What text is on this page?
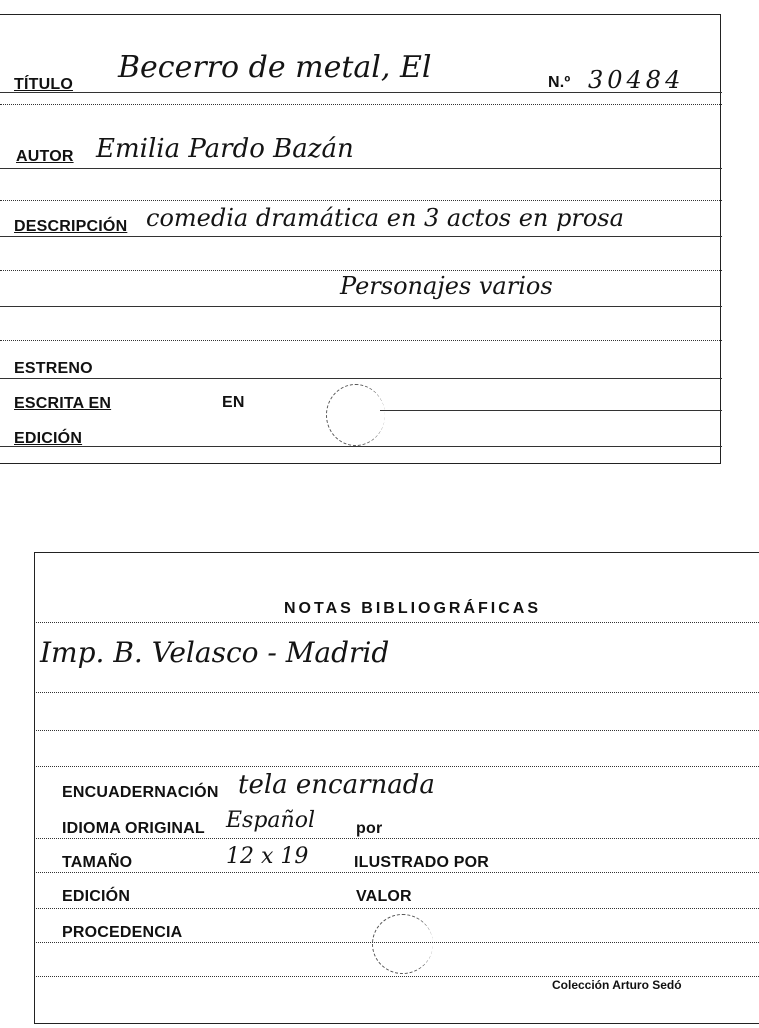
TÍTULO Becerro de metal, El	N.º 30484
AUTOR Emilia Pardo Bazán
DESCRIPCIÓN comedia dramática en 3 actos en prosa
Personajes varios
ESTRENO
ESCRITA EN	EN
EDICIÓN
NOTAS BIBLIOGRÁFICAS
Imp. B. Velasco - Madrid
ENCUADERNACIÓN tela encarnada
IDIOMA ORIGINAL Español	por
TAMAÑO	12 x 19	ILUSTRADO POR
EDICIÓN	VALOR
PROCEDENCIA
Colección Arturo Sedó
